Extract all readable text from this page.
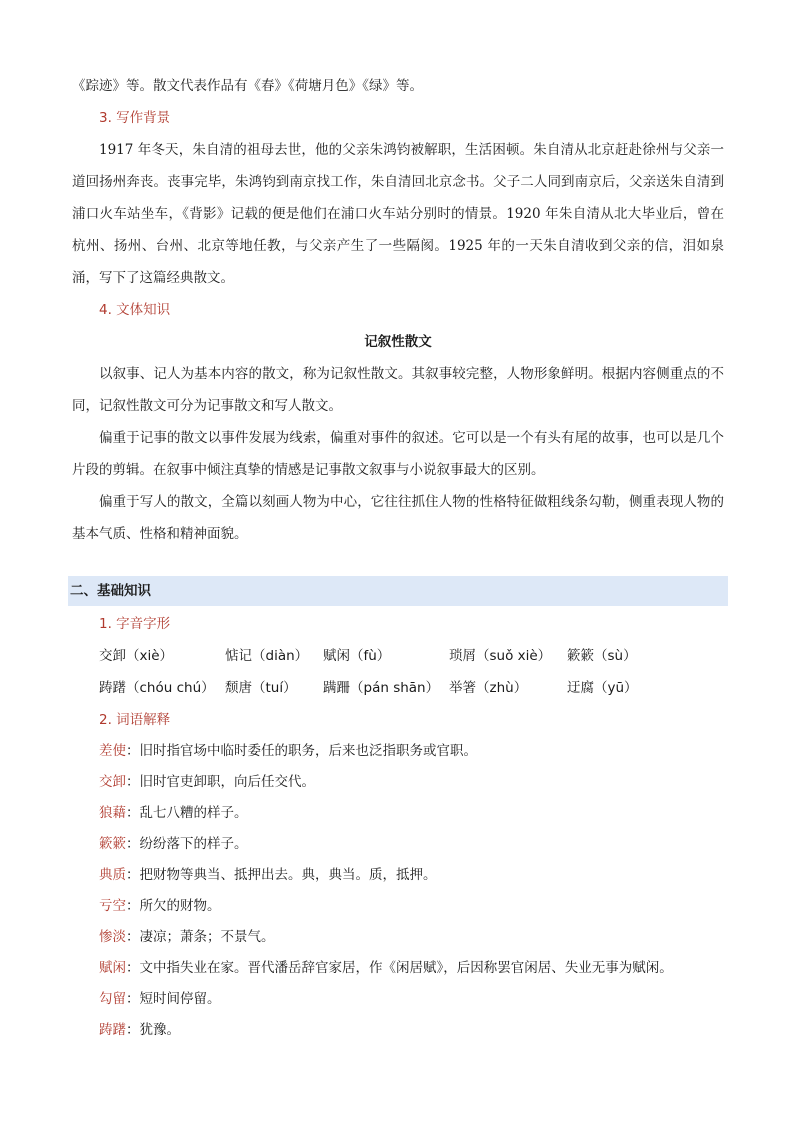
《踪迹》等。散文代表作品有《春》《荷塘月色》《绿》等。

3. 写作背景

1917 年冬天，朱自清的祖母去世，他的父亲朱鸿钧被解职，生活困顿。朱自清从北京赶赴徐州与父亲一道回扬州奔丧。丧事完毕，朱鸿钧到南京找工作，朱自清回北京念书。父子二人同到南京后，父亲送朱自清到浦口火车站坐车，《背影》记载的便是他们在浦口火车站分别时的情景。1920 年朱自清从北大毕业后，曾在杭州、扬州、台州、北京等地任教，与父亲产生了一些隔阂。1925 年的一天朱自清收到父亲的信，泪如泉涌，写下了这篇经典散文。

4. 文体知识

记叙性散文

以叙事、记人为基本内容的散文，称为记叙性散文。其叙事较完整，人物形象鲜明。根据内容侧重点的不同，记叙性散文可分为记事散文和写人散文。

偏重于记事的散文以事件发展为线索，偏重对事件的叙述。它可以是一个有头有尾的故事，也可以是几个片段的剪辑。在叙事中倾注真挚的情感是记事散文叙事与小说叙事最大的区别。

偏重于写人的散文，全篇以刻画人物为中心，它往往抓住人物的性格特征做粗线条勾勒，侧重表现人物的基本气质、性格和精神面貌。

二、基础知识

1. 字音字形

交卸（xiè）	惦记（diàn）	赋闲（fù）	琐屑（suǒ xiè）	簌簌（sù）
踌躇（chóu chú） 颓唐（tuí）	蹒跚（pán shān） 举箸（zhù）	迂腐（yū）

2. 词语解释

差使：旧时指官场中临时委任的职务，后来也泛指职务或官职。

交卸：旧时官吏卸职，向后任交代。

狼藉：乱七八糟的样子。

簌簌：纷纷落下的样子。

典质：把财物等典当、抵押出去。典，典当。质，抵押。

亏空：所欠的财物。

惨淡：凄凉；萧条；不景气。

赋闲：文中指失业在家。晋代潘岳辞官家居，作《闲居赋》，后因称罢官闲居、失业无事为赋闲。

勾留：短时间停留。

踌躇：犹豫。
